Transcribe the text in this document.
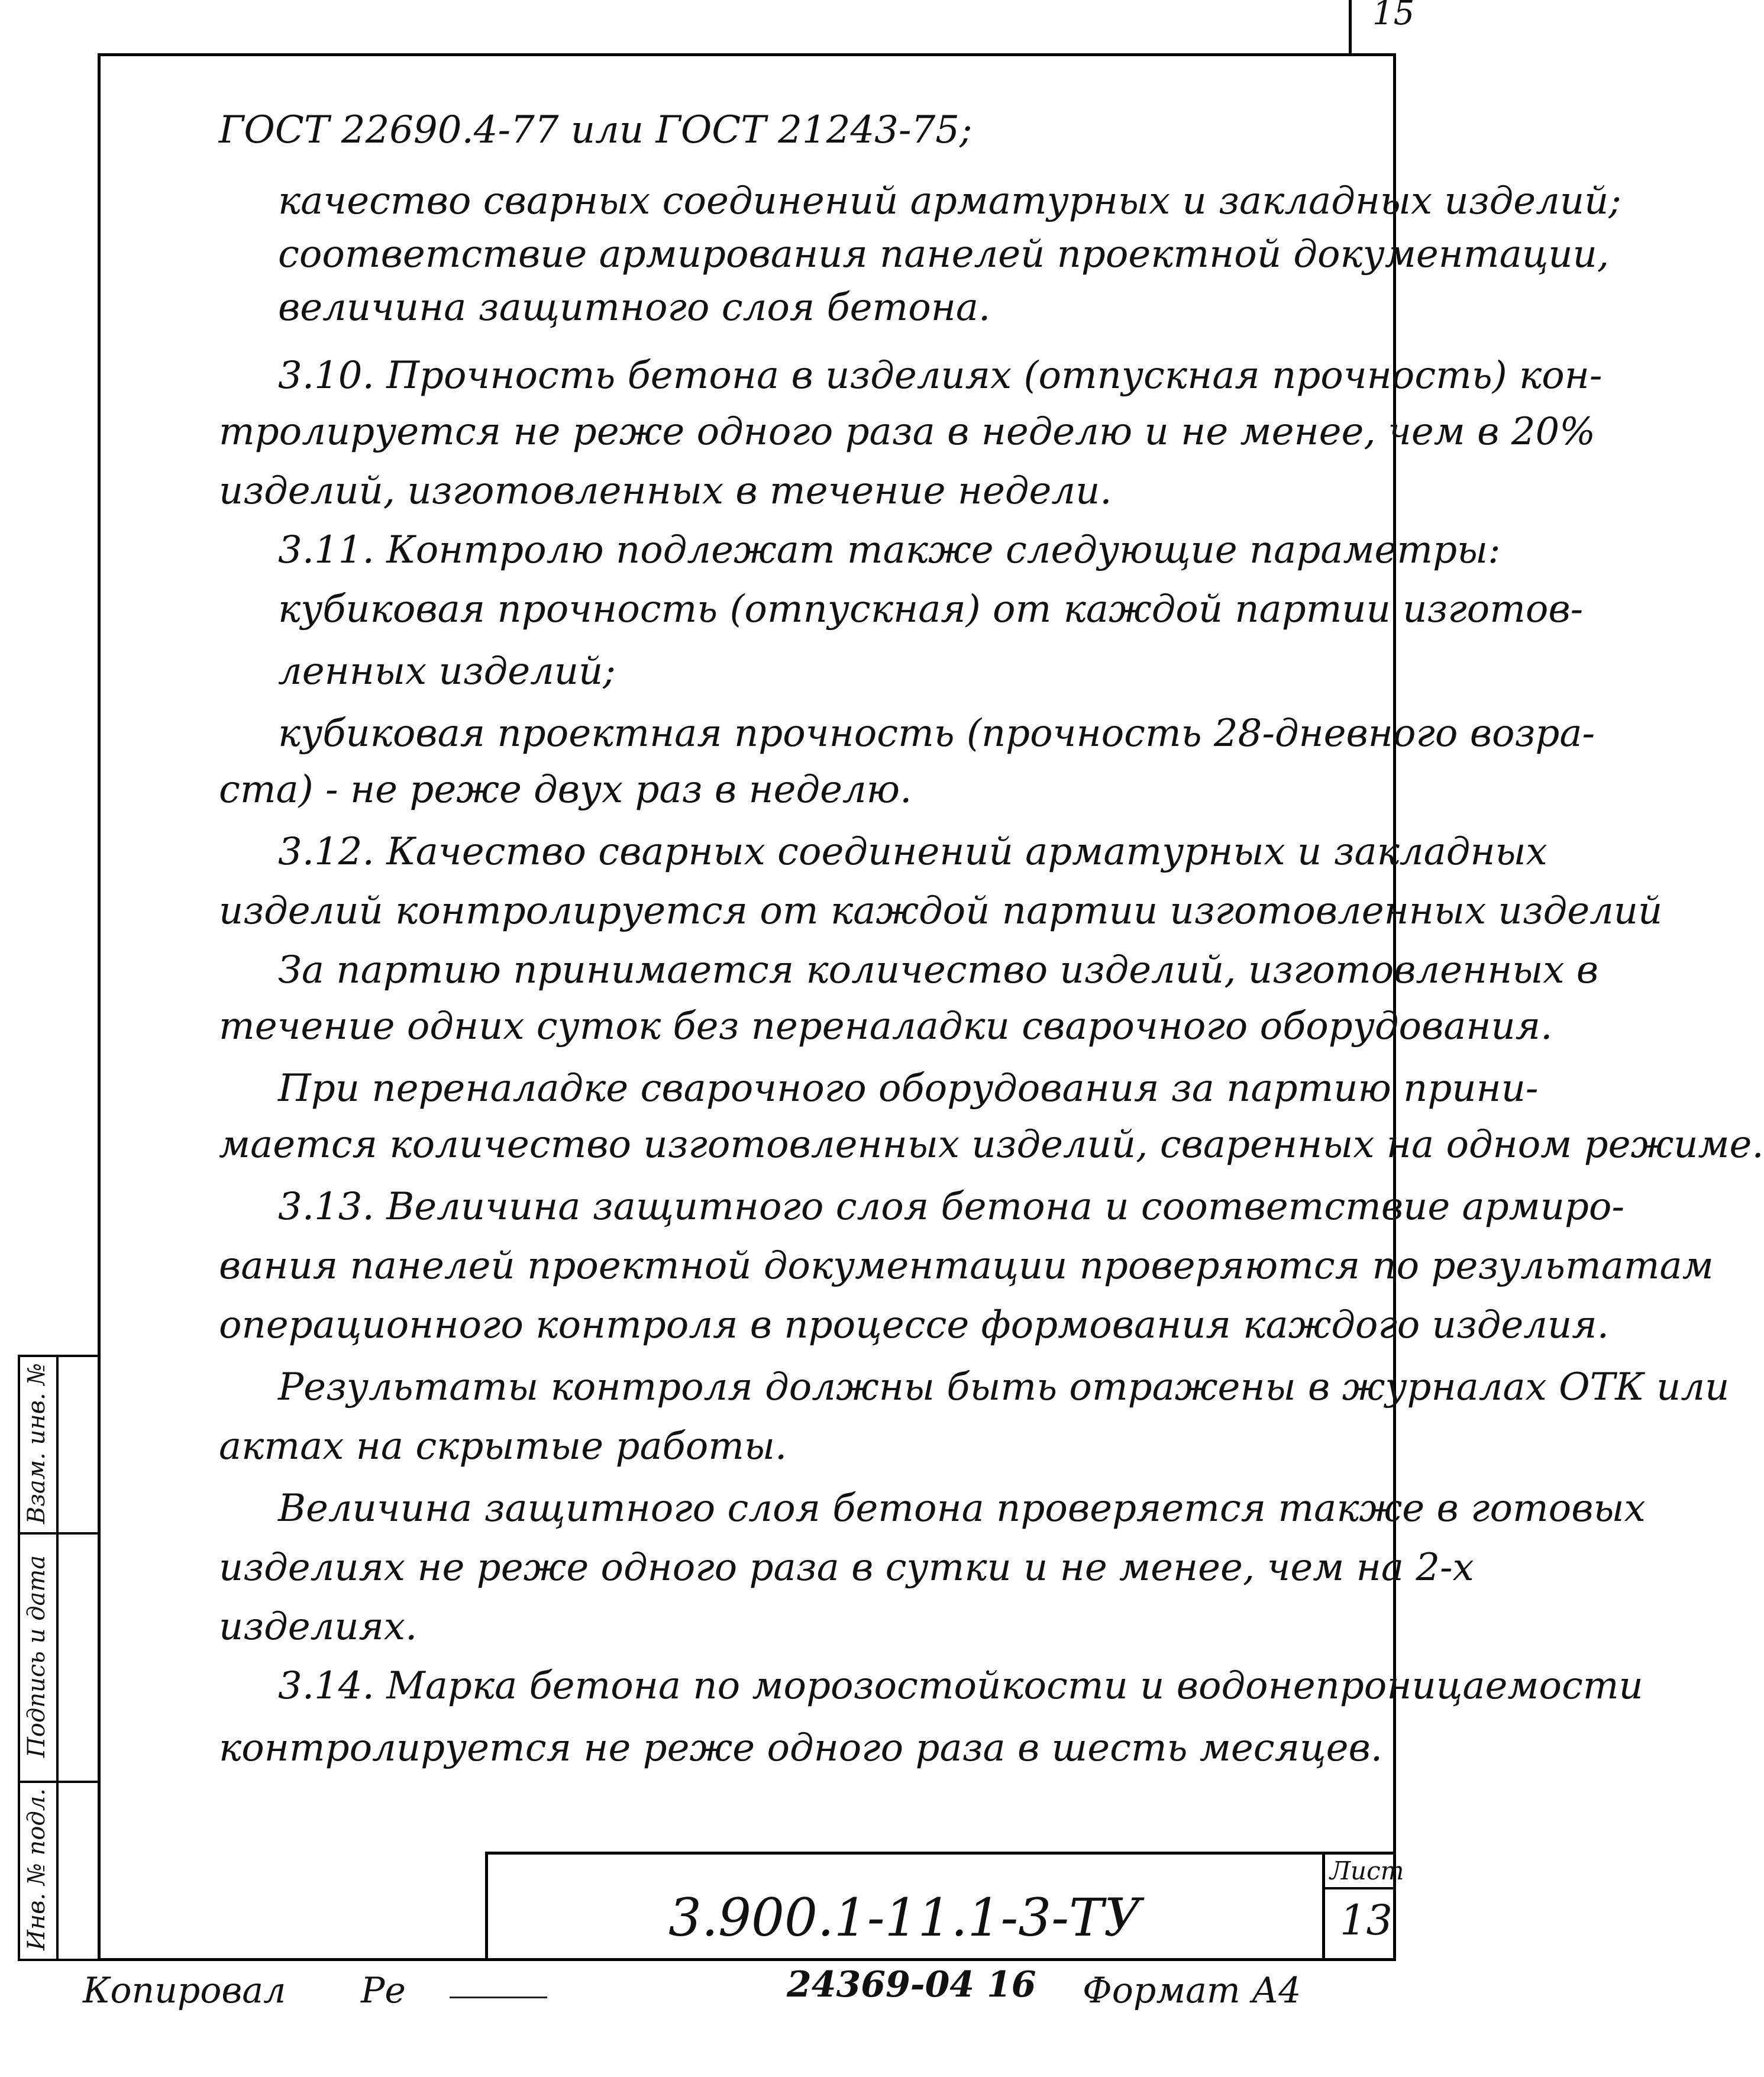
15
ГОСТ 22690.4-77 или ГОСТ 21243-75;
качество сварных соединений арматурных и закладных изделий;
соответствие армирования панелей проектной документации,
величина защитного слоя бетона.
3.10. Прочность бетона в изделиях (отпускная прочность) кон-
тролируется не реже одного раза в неделю и не менее, чем в 20%
изделий, изготовленных в течение недели.
3.11. Контролю подлежат также следующие параметры:
кубиковая прочность (отпускная) от каждой партии изготов-
ленных изделий;
кубиковая проектная прочность (прочность 28-дневного возра-
ста) - не реже двух раз в неделю.
3.12. Качество сварных соединений арматурных и закладных
изделий контролируется от каждой партии изготовленных изделий
За партию принимается количество изделий, изготовленных в
течение одних суток без переналадки сварочного оборудования.
При переналадке сварочного оборудования за партию прини-
мается количество изготовленных изделий, сваренных на одном режиме.
3.13. Величина защитного слоя бетона и соответствие армиро-
вания панелей проектной документации проверяются по результатам
операционного контроля в процессе формования каждого изделия.
Результаты контроля должны быть отражены в журналах ОТК или
актах на скрытые работы.
Величина защитного слоя бетона проверяется также в готовых
изделиях не реже одного раза в сутки и не менее, чем на 2-х
изделиях.
3.14. Марка бетона по морозостойкости и водонепроницаемости
контролируется не реже одного раза в шесть месяцев.
Взам. инв. №
Подпись и дата
Инв. № подл.	Лист
13
3.900.1-11.1-3-ТУ
Копировал Ре	24369-04 16 Формат А4
